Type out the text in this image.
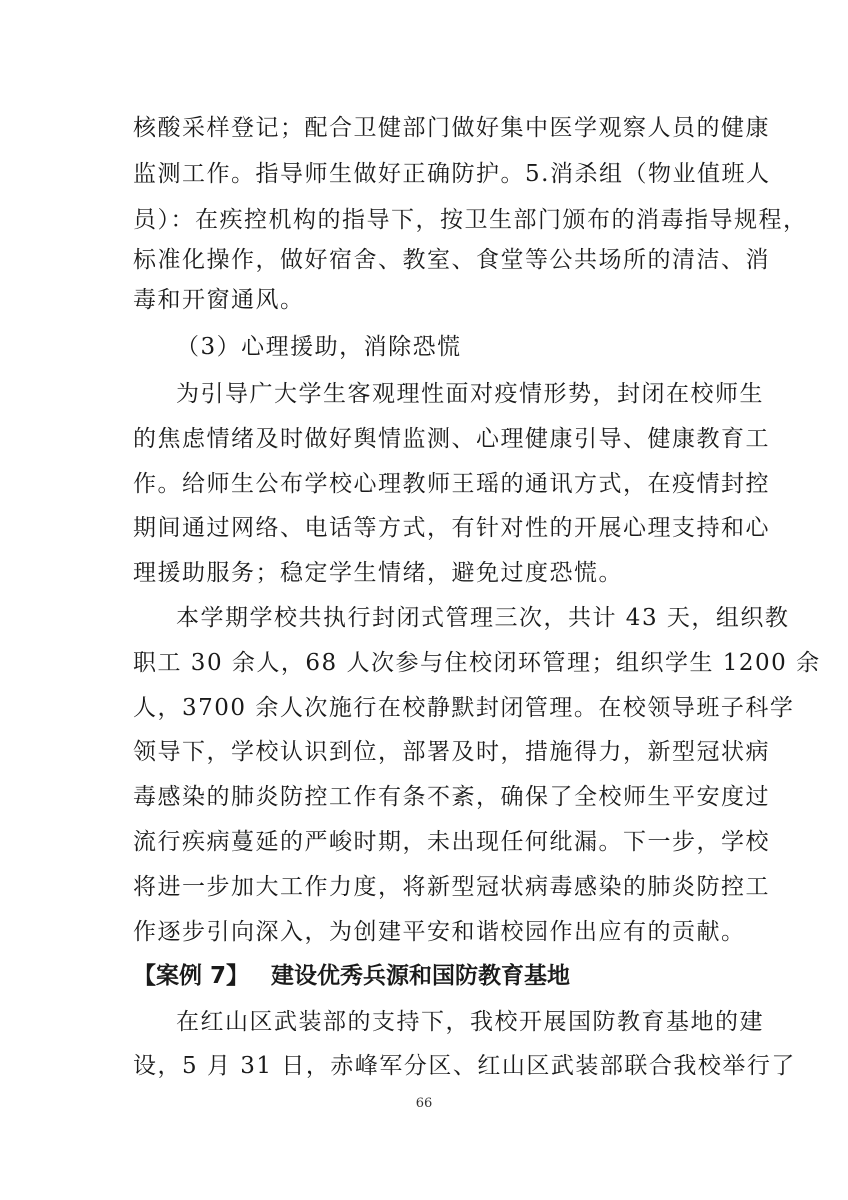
核酸采样登记；配合卫健部门做好集中医学观察人员的健康
监测工作。指导师生做好正确防护。5.消杀组（物业值班人
员）：在疾控机构的指导下，按卫生部门颁布的消毒指导规程，
标准化操作，做好宿舍、教室、食堂等公共场所的清洁、消
毒和开窗通风。
（3）心理援助，消除恐慌
为引导广大学生客观理性面对疫情形势，封闭在校师生
的焦虑情绪及时做好舆情监测、心理健康引导、健康教育工
作。给师生公布学校心理教师王瑶的通讯方式，在疫情封控
期间通过网络、电话等方式，有针对性的开展心理支持和心
理援助服务；稳定学生情绪，避免过度恐慌。
本学期学校共执行封闭式管理三次，共计 43 天，组织教
职工 30 余人，68 人次参与住校闭环管理；组织学生 1200 余
人，3700 余人次施行在校静默封闭管理。在校领导班子科学
领导下，学校认识到位，部署及时，措施得力，新型冠状病
毒感染的肺炎防控工作有条不紊，确保了全校师生平安度过
流行疾病蔓延的严峻时期，未出现任何纰漏。下一步，学校
将进一步加大工作力度，将新型冠状病毒感染的肺炎防控工
作逐步引向深入，为创建平安和谐校园作出应有的贡献。
【案例 7】 建设优秀兵源和国防教育基地
在红山区武装部的支持下，我校开展国防教育基地的建
设，5 月 31 日，赤峰军分区、红山区武装部联合我校举行了
66
